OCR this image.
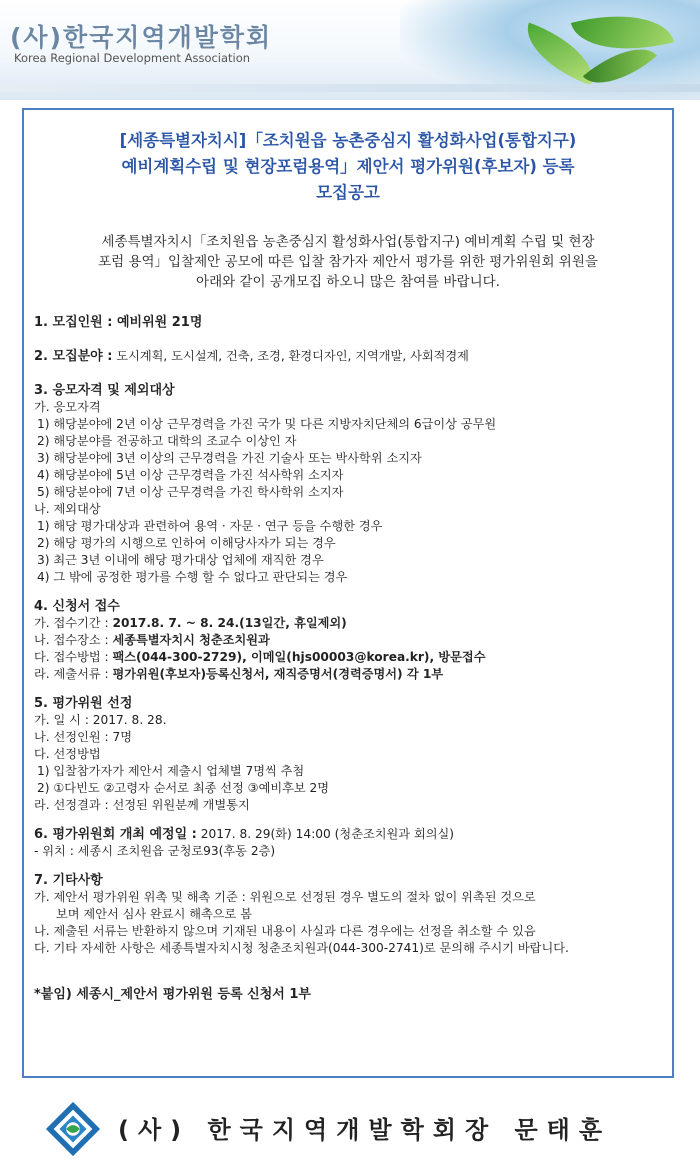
(사)한국지역개발학회
Korea Regional Development Association
[세종특별자치시]「조치원읍 농촌중심지 활성화사업(통합지구)
예비계획수립 및 현장포럼용역」제안서 평가위원(후보자) 등록
모집공고
세종특별자치시「조치원읍 농촌중심지 활성화사업(통합지구) 예비계획 수립 및 현장
포럼 용역」입찰제안 공모에 따른 입찰 참가자 제안서 평가를 위한 평가위원회 위원을
아래와 같이 공개모집 하오니 많은 참여를 바랍니다.

1. 모집인원 : 예비위원 21명

2. 모집분야 : 도시계획, 도시설계, 건축, 조경, 환경디자인, 지역개발, 사회적경제

3. 응모자격 및 제외대상

가. 응모자격

1) 해당분야에 2년 이상 근무경력을 가진 국가 및 다른 지방자치단체의 6급이상 공무원

2) 해당분야를 전공하고 대학의 조교수 이상인 자

3) 해당분야에 3년 이상의 근무경력을 가진 기술사 또는 박사학위 소지자

4) 해당분야에 5년 이상 근무경력을 가진 석사학위 소지자

5) 해당분야에 7년 이상 근무경력을 가진 학사학위 소지자

나. 제외대상

1) 해당 평가대상과 관련하여 용역 · 자문 · 연구 등을 수행한 경우

2) 해당 평가의 시행으로 인하여 이해당사자가 되는 경우

3) 최근 3년 이내에 해당 평가대상 업체에 재직한 경우

4) 그 밖에 공정한 평가를 수행 할 수 없다고 판단되는 경우

4. 신청서 접수

가. 접수기간 : 2017.8. 7. ~ 8. 24.(13일간, 휴일제외)

나. 접수장소 : 세종특별자치시 청춘조치원과

다. 접수방법 : 팩스(044-300-2729), 이메일(hjs00003@korea.kr), 방문접수

라. 제출서류 : 평가위원(후보자)등록신청서, 재직증명서(경력증명서) 각 1부

5. 평가위원 선정

가. 일 시 : 2017. 8. 28.

나. 선정인원 : 7명

다. 선정방법

1) 입찰참가자가 제안서 제출시 업체별 7명씩 추첨

2) ①다빈도 ②고령자 순서로 최종 선정 ③예비후보 2명

라. 선정결과 : 선정된 위원분께 개별통지

6. 평가위원회 개최 예정일 : 2017. 8. 29(화) 14:00 (청춘조치원과 회의실)

- 위치 : 세종시 조치원읍 군청로93(후동 2층)

7. 기타사항

가. 제안서 평가위원 위촉 및 해촉 기준 : 위원으로 선정된 경우 별도의 절차 없이 위촉된 것으로

보며 제안서 심사 완료시 해촉으로 봄

나. 제출된 서류는 반환하지 않으며 기재된 내용이 사실과 다른 경우에는 선정을 취소할 수 있음

다. 기타 자세한 사항은 세종특별자치시청 청춘조치원과(044-300-2741)로 문의해 주시기 바랍니다.

*붙임) 세종시_제안서 평가위원 등록 신청서 1부

(사) 한국지역개발학회장 문태훈
